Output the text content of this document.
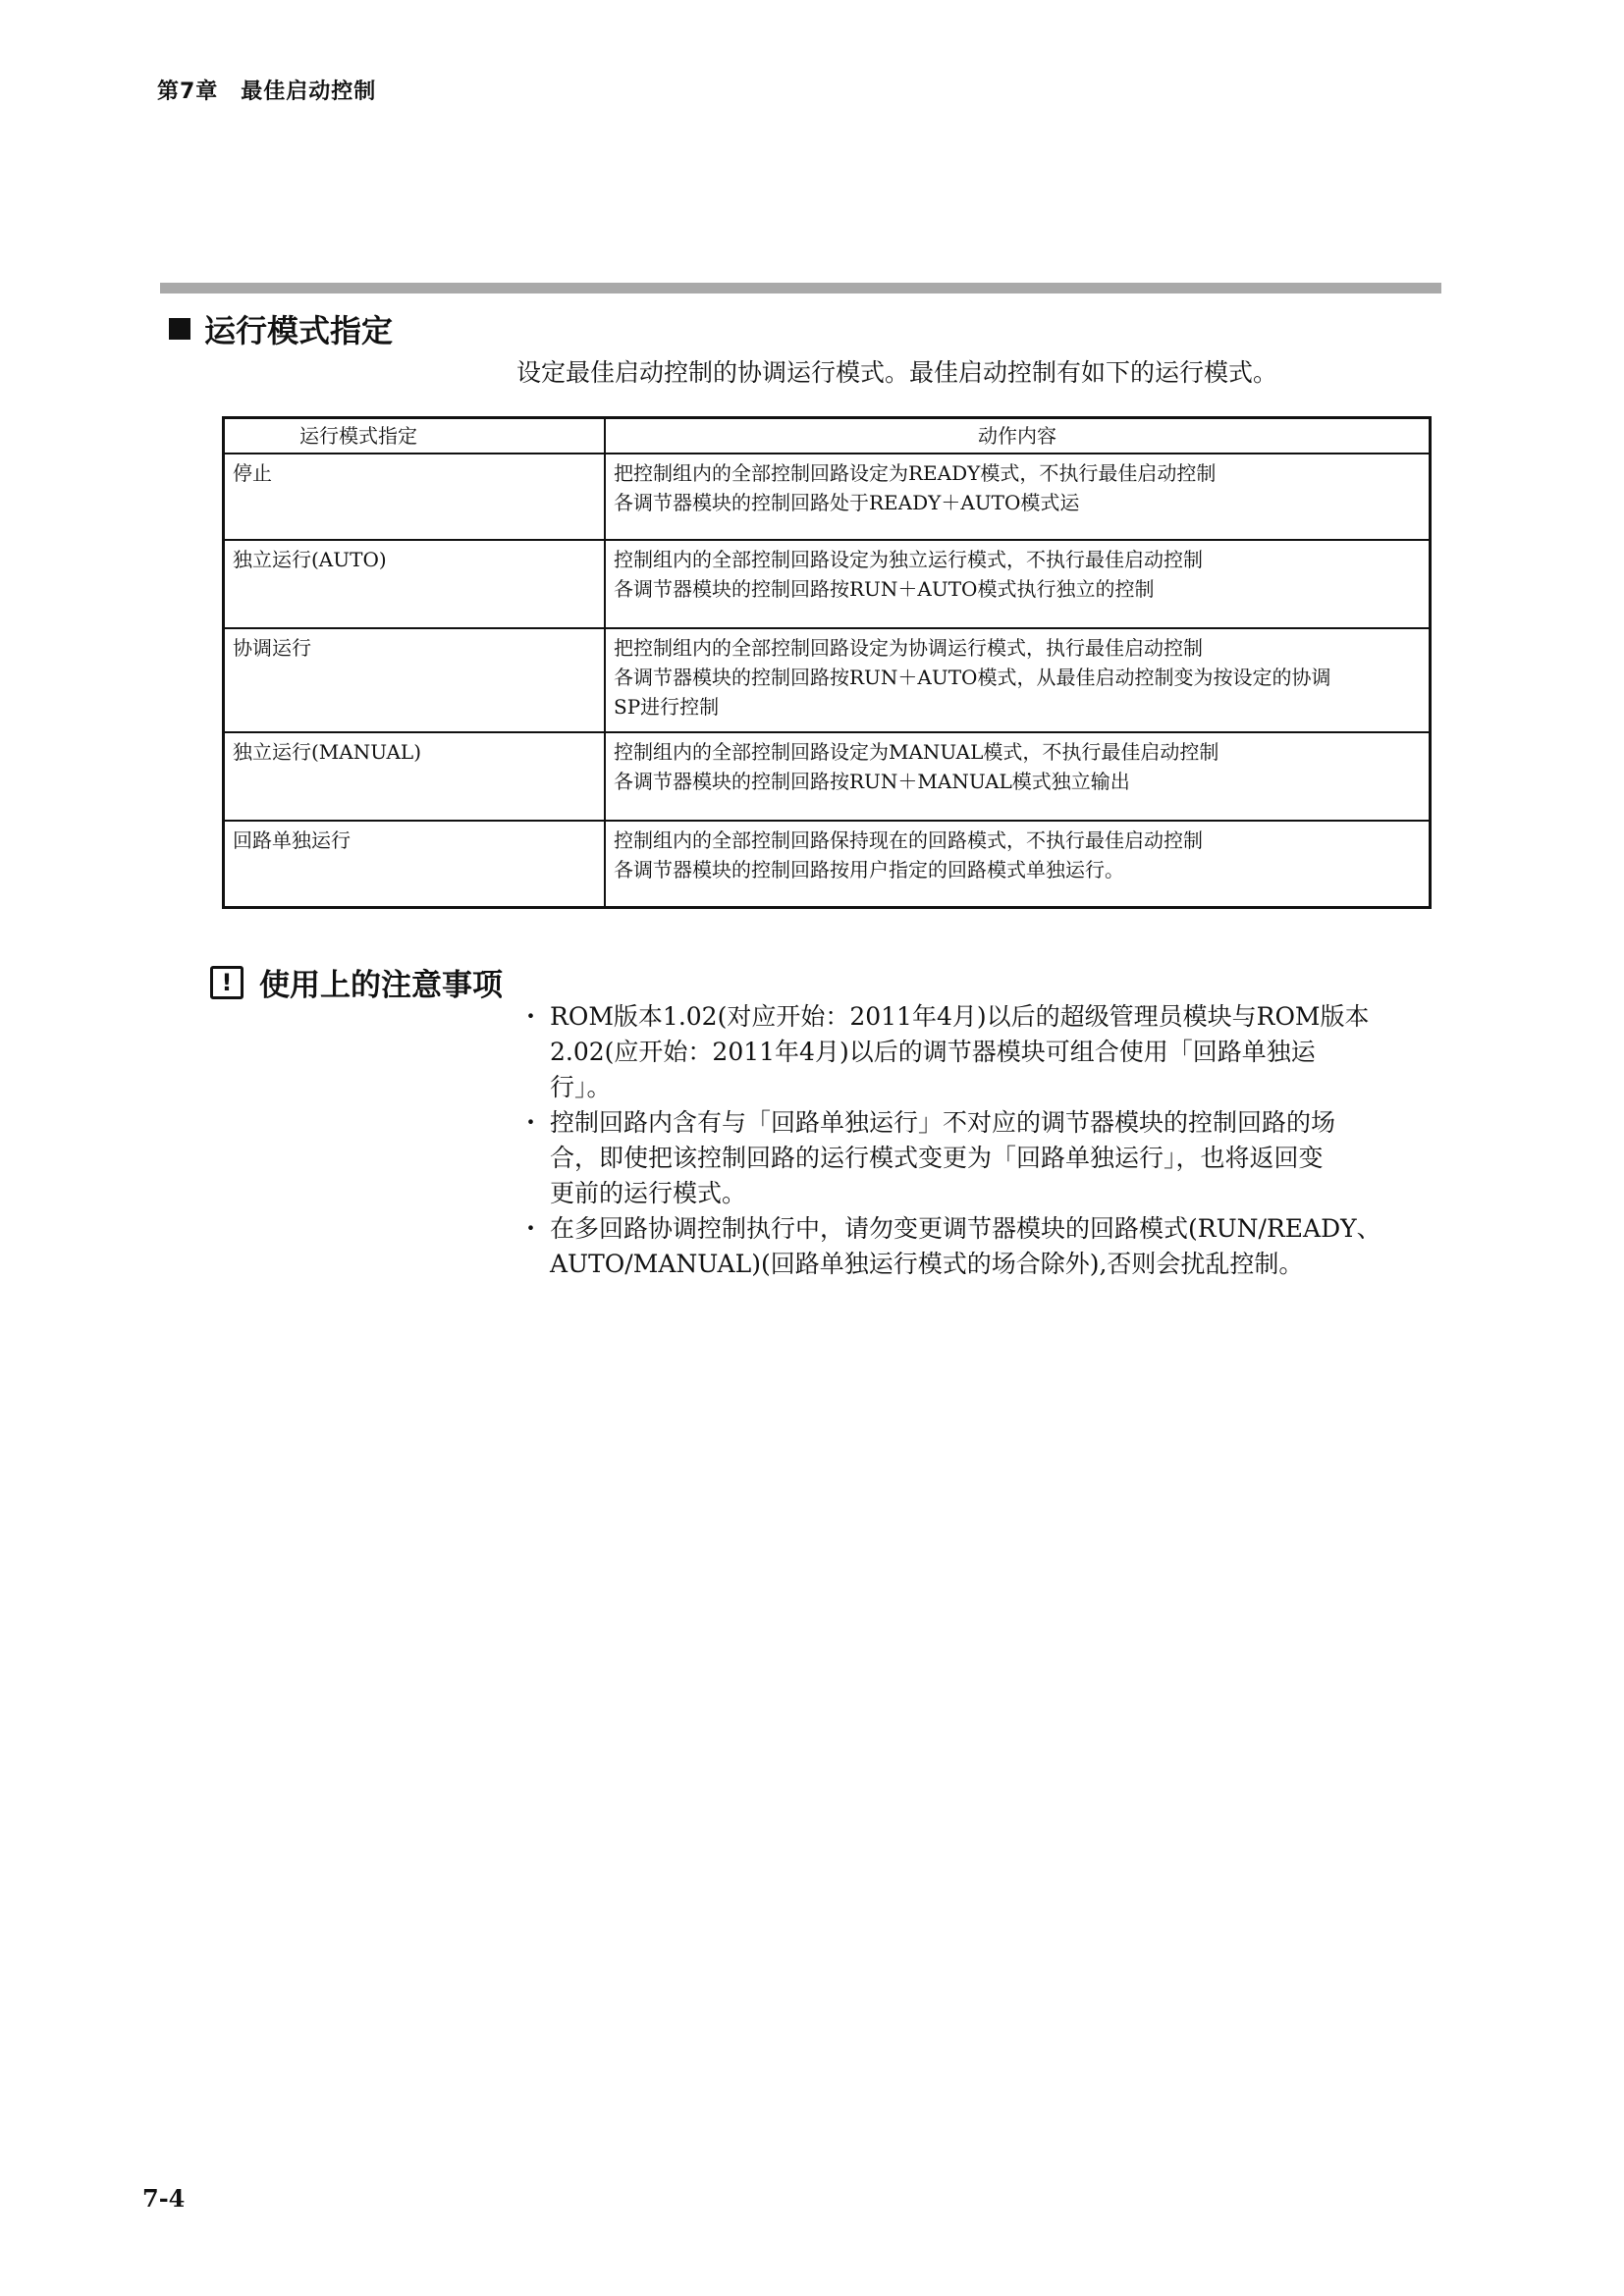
第7章　最佳启动控制
运行模式指定
设定最佳启动控制的协调运行模式。最佳启动控制有如下的运行模式。
运行模式指定	动作内容
停止	把控制组内的全部控制回路设定为READY模式，不执行最佳启动控制
各调节器模块的控制回路处于READY＋AUTO模式运

独立运行(AUTO)	控制组内的全部控制回路设定为独立运行模式，不执行最佳启动控制
各调节器模块的控制回路按RUN＋AUTO模式执行独立的控制

协调运行	把控制组内的全部控制回路设定为协调运行模式，执行最佳启动控制
各调节器模块的控制回路按RUN＋AUTO模式，从最佳启动控制变为按设定的协调
SP进行控制

独立运行(MANUAL)	控制组内的全部控制回路设定为MANUAL模式，不执行最佳启动控制
各调节器模块的控制回路按RUN＋MANUAL模式独立输出

回路单独运行	控制组内的全部控制回路保持现在的回路模式，不执行最佳启动控制
各调节器模块的控制回路按用户指定的回路模式单独运行。
! 使用上的注意事项
・ ROM版本1.02(对应开始：2011年4月)以后的超级管理员模块与ROM版本
2.02(应开始：2011年4月)以后的调节器模块可组合使用「回路单独运
行」。
・ 控制回路内含有与「回路单独运行」不对应的调节器模块的控制回路的场
合，即使把该控制回路的运行模式变更为「回路单独运行」，也将返回变
更前的运行模式。
・ 在多回路协调控制执行中，请勿变更调节器模块的回路模式(RUN/READY、
AUTO/MANUAL)(回路单独运行模式的场合除外),否则会扰乱控制。
7-4
